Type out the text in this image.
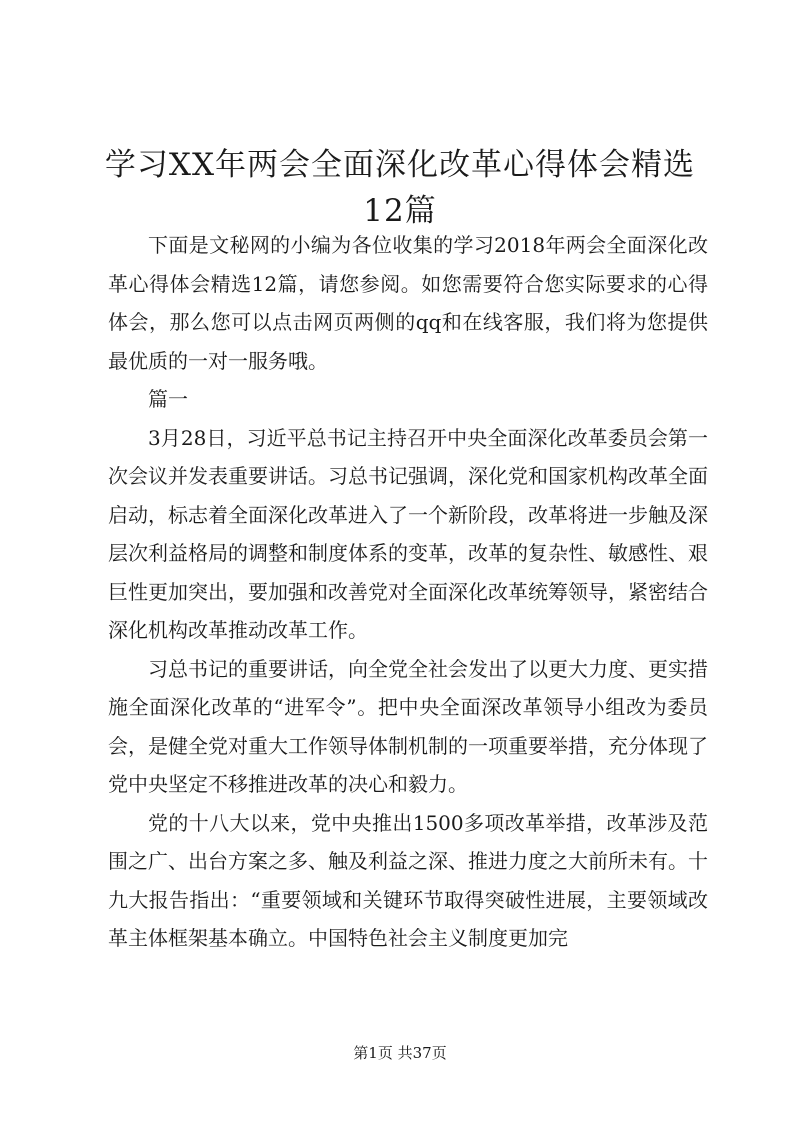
学习XX年两会全面深化改革心得体会精选12篇

下面是文秘网的小编为各位收集的学习2018年两会全面深化改革心得体会精选12篇，请您参阅。如您需要符合您实际要求的心得体会，那么您可以点击网页两侧的qq和在线客服，我们将为您提供最优质的一对一服务哦。

篇一

3月28日，习近平总书记主持召开中央全面深化改革委员会第一次会议并发表重要讲话。习总书记强调，深化党和国家机构改革全面启动，标志着全面深化改革进入了一个新阶段，改革将进一步触及深层次利益格局的调整和制度体系的变革，改革的复杂性、敏感性、艰巨性更加突出，要加强和改善党对全面深化改革统筹领导，紧密结合深化机构改革推动改革工作。

习总书记的重要讲话，向全党全社会发出了以更大力度、更实措施全面深化改革的“进军令”。把中央全面深改革领导小组改为委员会，是健全党对重大工作领导体制机制的一项重要举措，充分体现了党中央坚定不移推进改革的决心和毅力。

党的十八大以来，党中央推出1500多项改革举措，改革涉及范围之广、出台方案之多、触及利益之深、推进力度之大前所未有。十九大报告指出：“重要领域和关键环节取得突破性进展，主要领域改革主体框架基本确立。中国特色社会主义制度更加完

第1页 共37页
